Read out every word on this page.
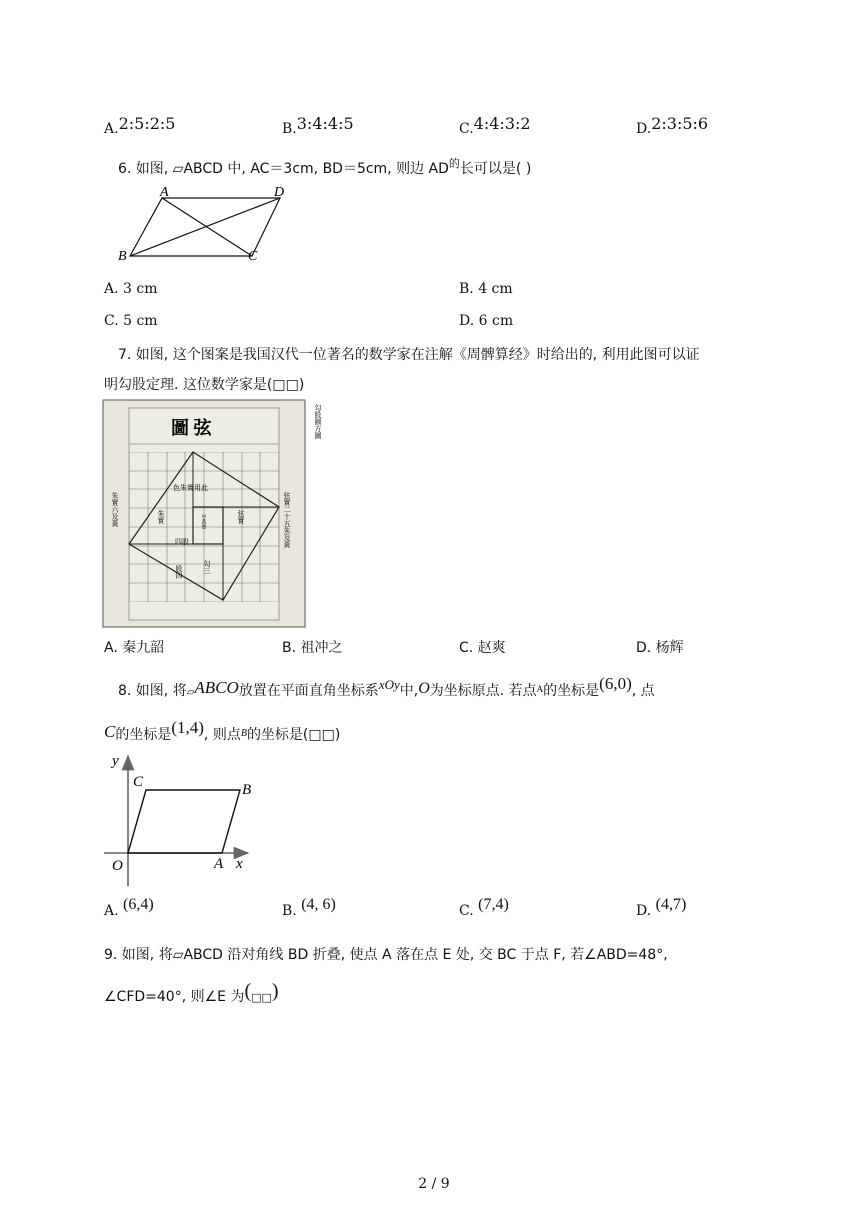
A.2:5:2:5	B.3:4:4:5	C.4:4:3:2	D.2:3:5:6
6. 如图, ▱ABCD 中, AC＝3cm, BD＝5cm, 则边 $AD^的$长可以是( )
A	D
B	C
A. 3 cm	B. 4 cm
C. 5 cm	D. 6 cm
7. 如图, 这个图案是我国汉代一位著名的数学家在注解《周髀算经》时给出的, 利用此图可以证
明勾股定理. 这位数学家是(□□)
圖 弦
勾股圓方圖
弦實二十五朱及黃
朱實六及黃
色朱實用此
朱實	弦實
中黃實
四股
勾三
股四
A. 秦九韶	B. 祖冲之	C. 赵爽	D. 杨辉
8. 如图, 将▱ABCO放置在平面直角坐标系xOy中,O为坐标原点. 若点$^A$的坐标是(6,0), 点
C的坐标是(1,4), 则点$^B$的坐标是(□□)
y
C	B
O	A x
A. (6,4)	B. (4, 6)	C. (7,4)	D. (4,7)
9. 如图, 将▱ABCD 沿对角线 BD 折叠, 使点 A 落在点 E 处, 交 BC 于点 F, 若∠ABD=48°,
∠CFD=40°, 则∠E 为(□□)
2 / 9
